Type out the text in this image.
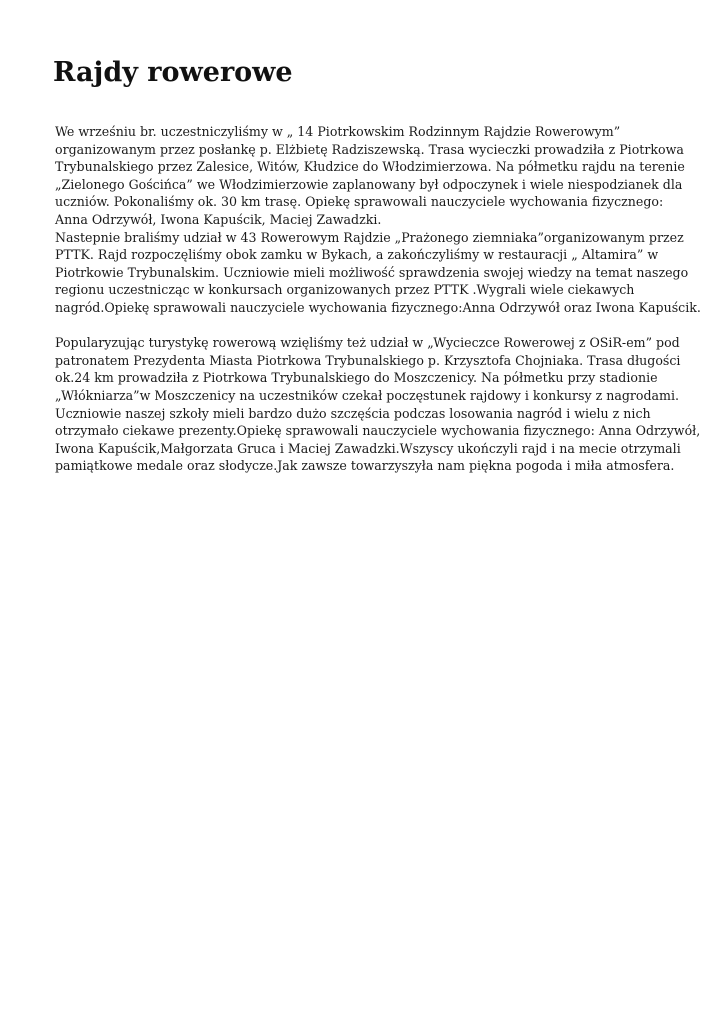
Rajdy rowerowe

We wrześniu br. uczestniczyliśmy w „ 14 Piotrkowskim Rodzinnym Rajdzie Rowerowym”
organizowanym przez posłankę p. Elżbietę Radziszewską. Trasa wycieczki prowadziła z Piotrkowa
Trybunalskiego przez Zalesice, Witów, Kłudzice do Włodzimierzowa. Na półmetku rajdu na terenie
„Zielonego Gościńca” we Włodzimierzowie zaplanowany był odpoczynek i wiele niespodzianek dla
uczniów. Pokonaliśmy ok. 30 km trasę. Opiekę sprawowali nauczyciele wychowania fizycznego:
Anna Odrzywół, Iwona Kapuścik, Maciej Zawadzki.

Nastepnie braliśmy udział w 43 Rowerowym Rajdzie „Prażonego ziemniaka”organizowanym przez
PTTK. Rajd rozpoczęliśmy obok zamku w Bykach, a zakończyliśmy w restauracji „ Altamira” w
Piotrkowie Trybunalskim. Uczniowie mieli możliwość sprawdzenia swojej wiedzy na temat naszego
regionu uczestnicząc w konkursach organizowanych przez PTTK .Wygrali wiele ciekawych
nagród.Opiekę sprawowali nauczyciele wychowania fizycznego:Anna Odrzywół oraz Iwona Kapuścik.

Popularyzując turystykę rowerową wzięliśmy też udział w „Wycieczce Rowerowej z OSiR-em” pod
patronatem Prezydenta Miasta Piotrkowa Trybunalskiego p. Krzysztofa Chojniaka. Trasa długości
ok.24 km prowadziła z Piotrkowa Trybunalskiego do Moszczenicy. Na półmetku przy stadionie
„Włókniarza”w Moszczenicy na uczestników czekał poczęstunek rajdowy i konkursy z nagrodami.
Uczniowie naszej szkoły mieli bardzo dużo szczęścia podczas losowania nagród i wielu z nich
otrzymało ciekawe prezenty.Opiekę sprawowali nauczyciele wychowania fizycznego: Anna Odrzywół,
Iwona Kapuścik,Małgorzata Gruca i Maciej Zawadzki.Wszyscy ukończyli rajd i na mecie otrzymali
pamiątkowe medale oraz słodycze.Jak zawsze towarzyszyła nam piękna pogoda i miła atmosfera.
